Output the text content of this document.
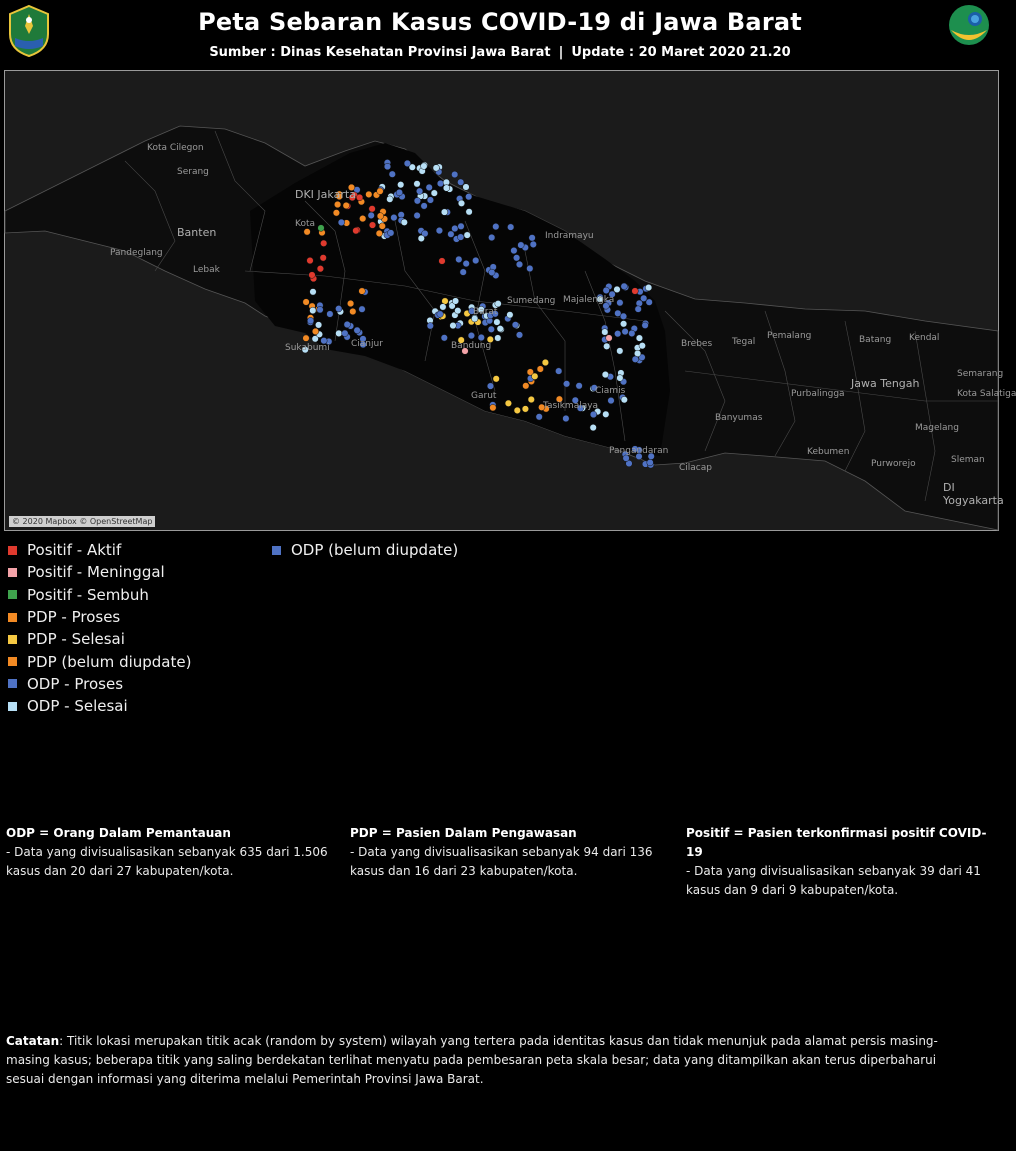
Peta Sebaran Kasus COVID-19 di Jawa Barat
Sumber : Dinas Kesehatan Provinsi Jawa Barat | Update : 20 Maret 2020 21.20
Kota Cilegon
Serang
Banten
Pandeglang
Lebak
DKI Jakarta
Kota
Indramayu
Bandung
Sumedang Majalengka
Sukabumi Cianjur
Garut
Tasikmalaya
Ciamis
Pangandaran
Cilacap
Brebes Tegal
Pemalang	Batang Kendal
Semarang
Kota Salatiga
Jawa Tengah
Purbalingga
Banyumas
Kebumen
Purworejo
Magelang
Sleman
DI Yogyakarta
Barat
© 2020 Mapbox © OpenStreetMap
Positif - Aktif
Positif - Meninggal
Positif - Sembuh
PDP - Proses
PDP - Selesai
PDP (belum diupdate)
ODP - Proses
ODP - Selesai
ODP (belum diupdate)
ODP = Orang Dalam Pemantauan
- Data yang divisualisasikan sebanyak 635 dari 1.506 kasus dan 20 dari 27 kabupaten/kota.
PDP = Pasien Dalam Pengawasan
- Data yang divisualisasikan sebanyak 94 dari 136 kasus dan 16 dari 23 kabupaten/kota.
Positif = Pasien terkonfirmasi positif COVID-19
- Data yang divisualisasikan sebanyak 39 dari 41 kasus dan 9 dari 9 kabupaten/kota.
Catatan: Titik lokasi merupakan titik acak (random by system) wilayah yang tertera pada identitas kasus dan tidak menunjuk pada alamat persis masing-masing kasus; beberapa titik yang saling berdekatan terlihat menyatu pada pembesaran peta skala besar; data yang ditampilkan akan terus diperbaharui sesuai dengan informasi yang diterima melalui Pemerintah Provinsi Jawa Barat.
